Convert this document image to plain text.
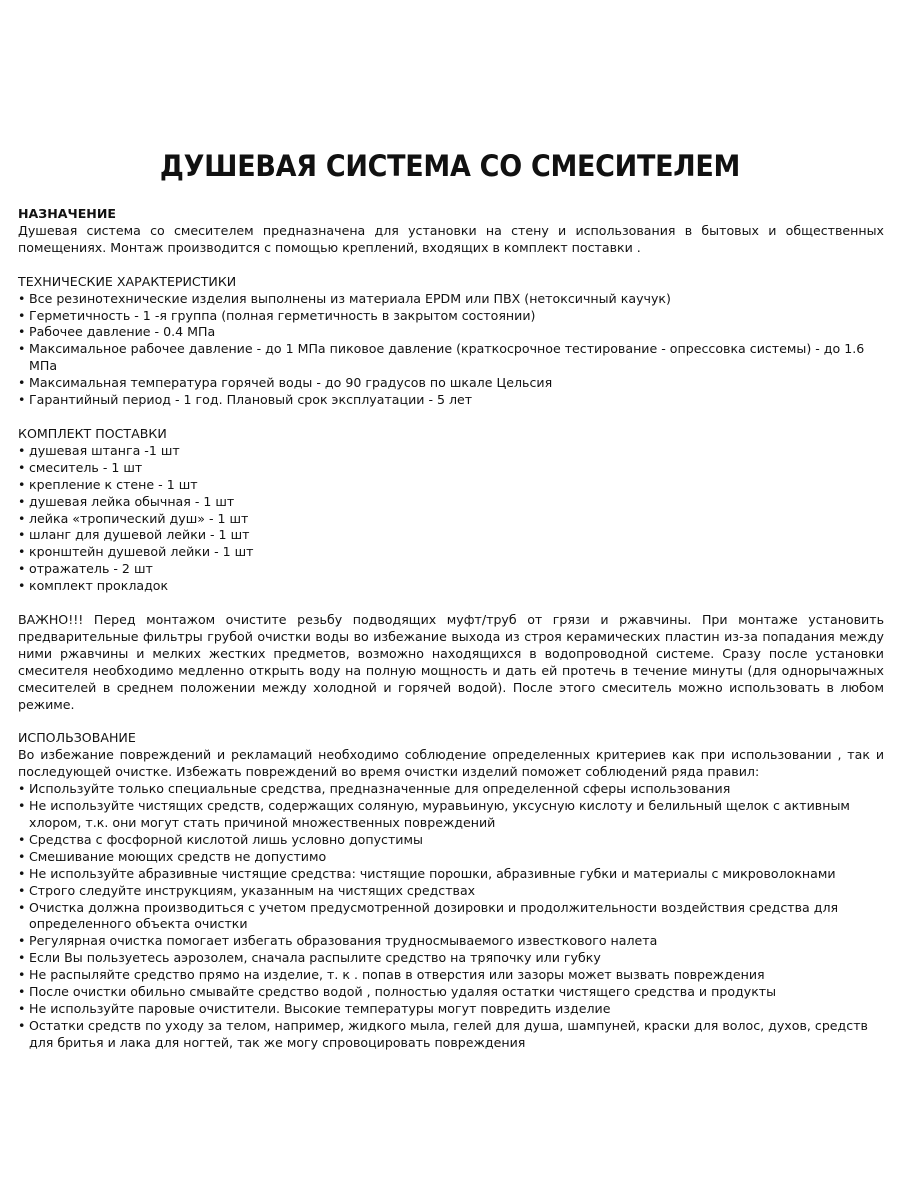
ДУШЕВАЯ СИСТЕМА СО СМЕСИТЕЛЕМ
НАЗНАЧЕНИЕ
Душевая система со смесителем предназначена для установки на стену и использования в бытовых и общественных помещениях. Монтаж производится с помощью креплений, входящих в комплект поставки .
ТЕХНИЧЕСКИЕ ХАРАКТЕРИСТИКИ
• Все резинотехнические изделия выполнены из материала EPDM или ПВХ (нетоксичный каучук)
• Герметичность - 1 -я группа (полная герметичность в закрытом состоянии)
• Рабочее давление - 0.4 МПа
• Максимальное рабочее давление - до 1 МПа пиковое давление (краткосрочное тестирование - опрессовка системы) - до 1.6 МПа
• Максимальная температура горячей воды - до 90 градусов по шкале Цельсия
• Гарантийный период - 1 год. Плановый срок эксплуатации - 5 лет
КОМПЛЕКТ ПОСТАВКИ
• душевая штанга -1 шт
• смеситель - 1 шт
• крепление к стене - 1 шт
• душевая лейка обычная - 1 шт
• лейка «тропический душ» - 1 шт
• шланг для душевой лейки - 1 шт
• кронштейн душевой лейки - 1 шт
• отражатель - 2 шт
• комплект прокладок
ВАЖНО!!! Перед монтажом очистите резьбу подводящих муфт/труб от грязи и ржавчины. При монтаже установить предварительные фильтры грубой очистки воды во избежание выхода из строя керамических пластин из-за попадания между ними ржавчины и мелких жестких предметов, возможно находящихся в водопроводной системе. Сразу после установки смесителя необходимо медленно открыть воду на полную мощность и дать ей протечь в течение минуты (для однорычажных смесителей в среднем положении между холодной и горячей водой). После этого смеситель можно использовать в любом режиме.
ИСПОЛЬЗОВАНИЕ
Во избежание повреждений и рекламаций необходимо соблюдение определенных критериев как при использовании , так и последующей очистке. Избежать повреждений во время очистки изделий поможет соблюдений ряда правил:
• Используйте только специальные средства, предназначенные для определенной сферы использования
• Не используйте чистящих средств, содержащих соляную, муравьиную, уксусную кислоту и белильный щелок с активным хлором, т.к. они могут стать причиной множественных повреждений
• Средства с фосфорной кислотой лишь условно допустимы
• Смешивание моющих средств не допустимо
• Не используйте абразивные чистящие средства: чистящие порошки, абразивные губки и материалы с микроволокнами
• Строго следуйте инструкциям, указанным на чистящих средствах
• Очистка должна производиться с учетом предусмотренной дозировки и продолжительности воздействия средства для определенного объекта очистки
• Регулярная очистка помогает избегать образования трудносмываемого известкового налета
• Если Вы пользуетесь аэрозолем, сначала распылите средство на тряпочку или губку
• Не распыляйте средство прямо на изделие, т. к . попав в отверстия или зазоры может вызвать повреждения
• После очистки обильно смывайте средство водой , полностью удаляя остатки чистящего средства и продукты
• Не используйте паровые очистители. Высокие температуры могут повредить изделие
• Остатки средств по уходу за телом, например, жидкого мыла, гелей для душа, шампуней, краски для волос, духов, средств для бритья и лака для ногтей, так же могу спровоцировать повреждения
